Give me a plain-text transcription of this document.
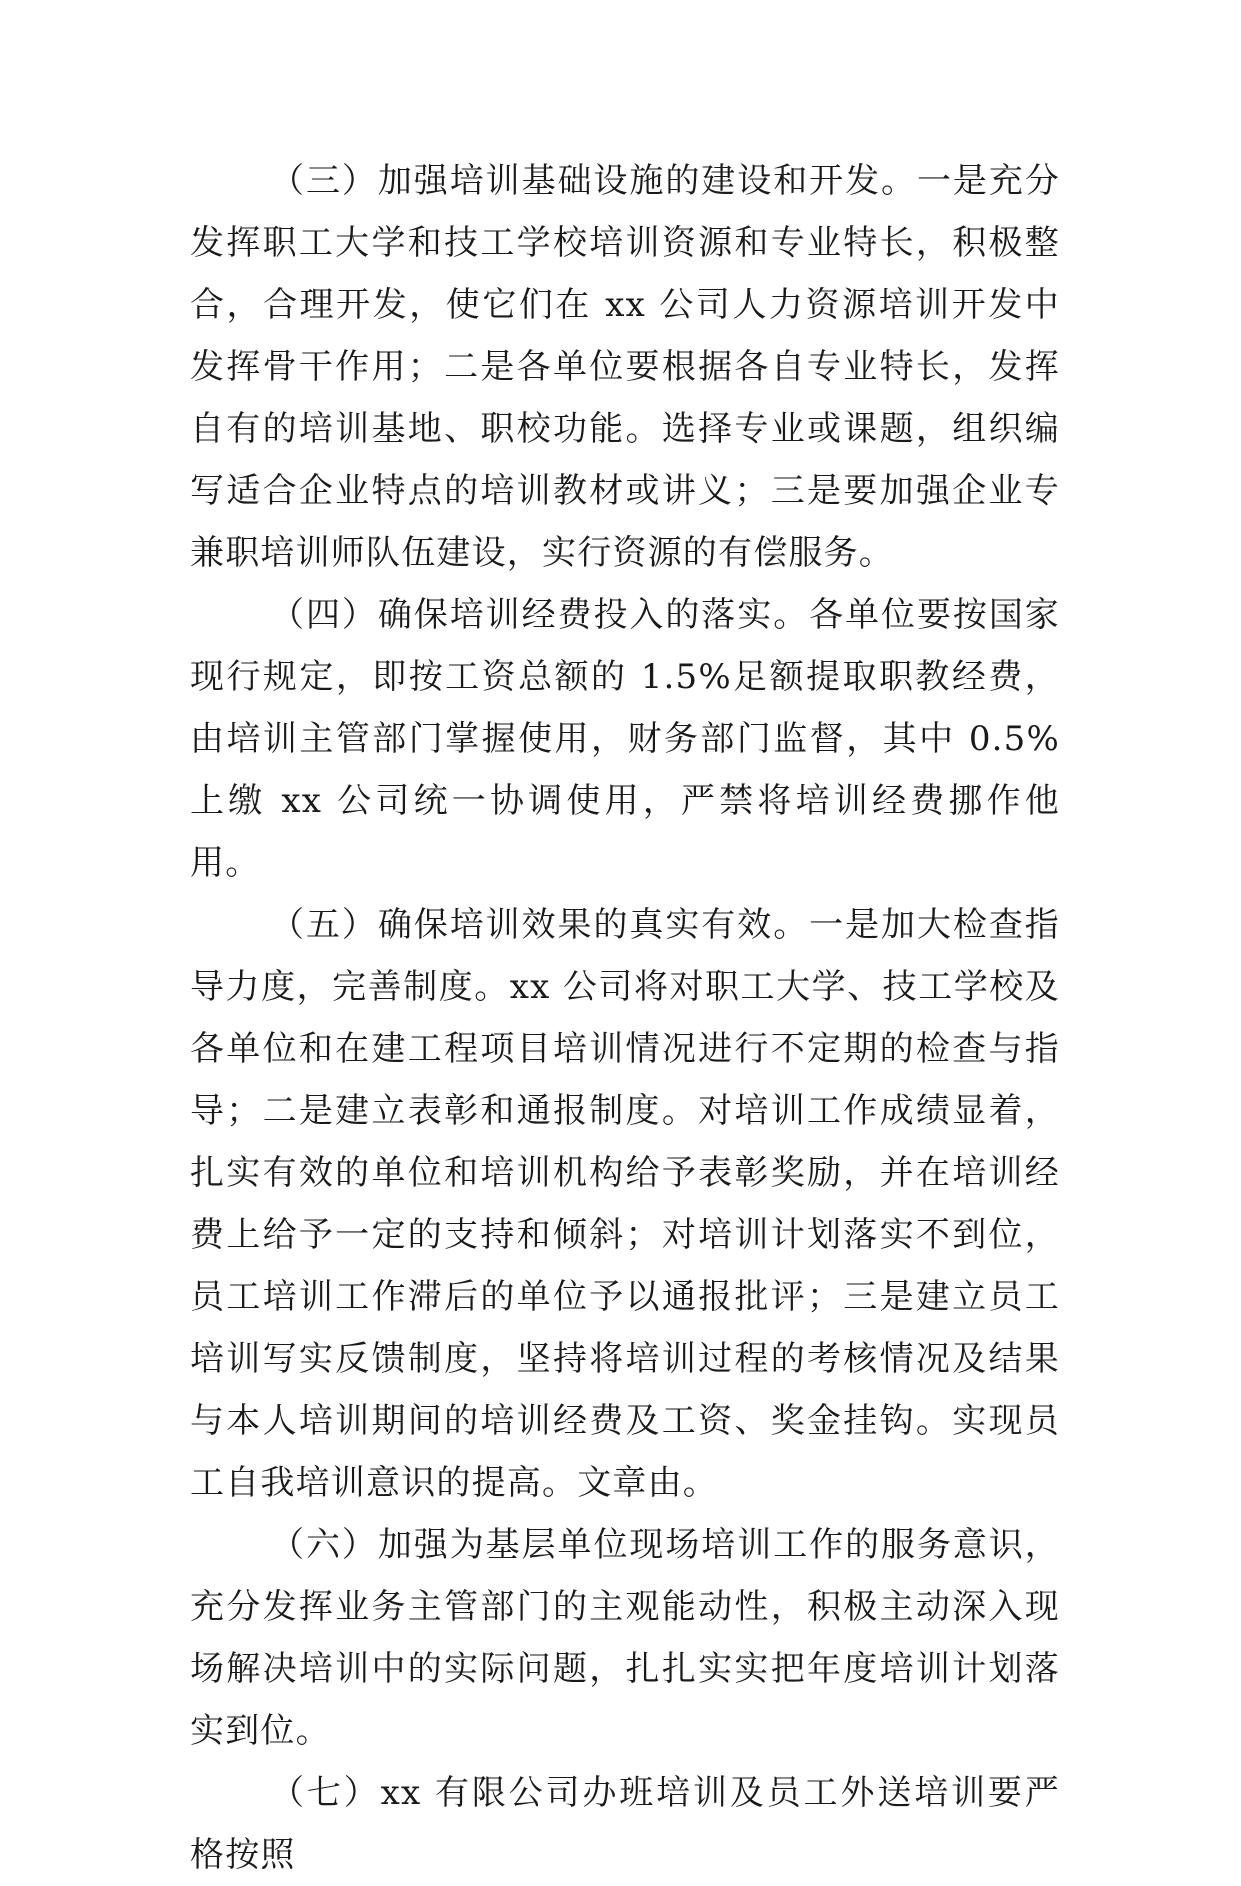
（三）加强培训基础设施的建设和开发。一是充分发挥职工大学和技工学校培训资源和专业特长，积极整合，合理开发，使它们在 xx 公司人力资源培训开发中发挥骨干作用；二是各单位要根据各自专业特长，发挥自有的培训基地、职校功能。选择专业或课题，组织编写适合企业特点的培训教材或讲义；三是要加强企业专兼职培训师队伍建设，实行资源的有偿服务。

（四）确保培训经费投入的落实。各单位要按国家现行规定，即按工资总额的 1.5%足额提取职教经费，由培训主管部门掌握使用，财务部门监督，其中 0.5%上缴 xx 公司统一协调使用，严禁将培训经费挪作他用。

（五）确保培训效果的真实有效。一是加大检查指导力度，完善制度。xx 公司将对职工大学、技工学校及各单位和在建工程项目培训情况进行不定期的检查与指导；二是建立表彰和通报制度。对培训工作成绩显着，扎实有效的单位和培训机构给予表彰奖励，并在培训经费上给予一定的支持和倾斜；对培训计划落实不到位，员工培训工作滞后的单位予以通报批评；三是建立员工培训写实反馈制度，坚持将培训过程的考核情况及结果与本人培训期间的培训经费及工资、奖金挂钩。实现员工自我培训意识的提高。文章由。

（六）加强为基层单位现场培训工作的服务意识，充分发挥业务主管部门的主观能动性，积极主动深入现场解决培训中的实际问题，扎扎实实把年度培训计划落实到位。

（七）xx 有限公司办班培训及员工外送培训要严格按照
